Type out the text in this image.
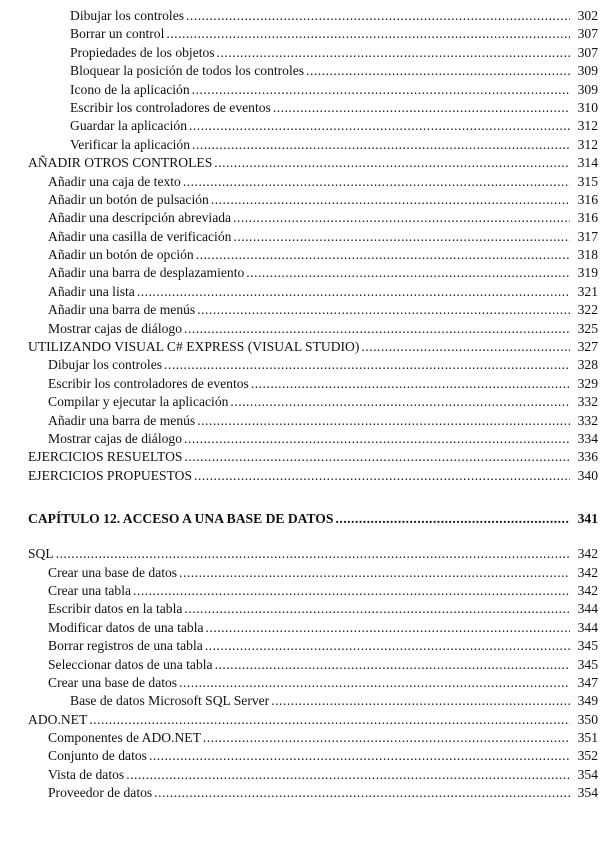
Dibujar los controles .....	302
Borrar un control .....	307
Propiedades de los objetos .....	307
Bloquear la posición de todos los controles .....	309
Icono de la aplicación .....	309
Escribir los controladores de eventos .....	310
Guardar la aplicación .....	312
Verificar la aplicación .....	312
AÑADIR OTROS CONTROLES .....	314
Añadir una caja de texto .....	315
Añadir un botón de pulsación .....	316
Añadir una descripción abreviada .....	316
Añadir una casilla de verificación .....	317
Añadir un botón de opción .....	318
Añadir una barra de desplazamiento .....	319
Añadir una lista .....	321
Añadir una barra de menús .....	322
Mostrar cajas de diálogo .....	325
UTILIZANDO VISUAL C# EXPRESS (VISUAL STUDIO) .....	327
Dibujar los controles .....	328
Escribir los controladores de eventos .....	329
Compilar y ejecutar la aplicación .....	332
Añadir una barra de menús .....	332
Mostrar cajas de diálogo .....	334
EJERCICIOS RESUELTOS .....	336
EJERCICIOS PROPUESTOS .....	340
CAPÍTULO 12. ACCESO A UNA BASE DE DATOS .....	341
SQL .....	342
Crear una base de datos .....	342
Crear una tabla .....	342
Escribir datos en la tabla .....	344
Modificar datos de una tabla .....	344
Borrar registros de una tabla .....	345
Seleccionar datos de una tabla .....	345
Crear una base de datos .....	347
Base de datos Microsoft SQL Server .....	349
ADO.NET .....	350
Componentes de ADO.NET .....	351
Conjunto de datos .....	352
Vista de datos .....	354
Proveedor de datos .....	354
